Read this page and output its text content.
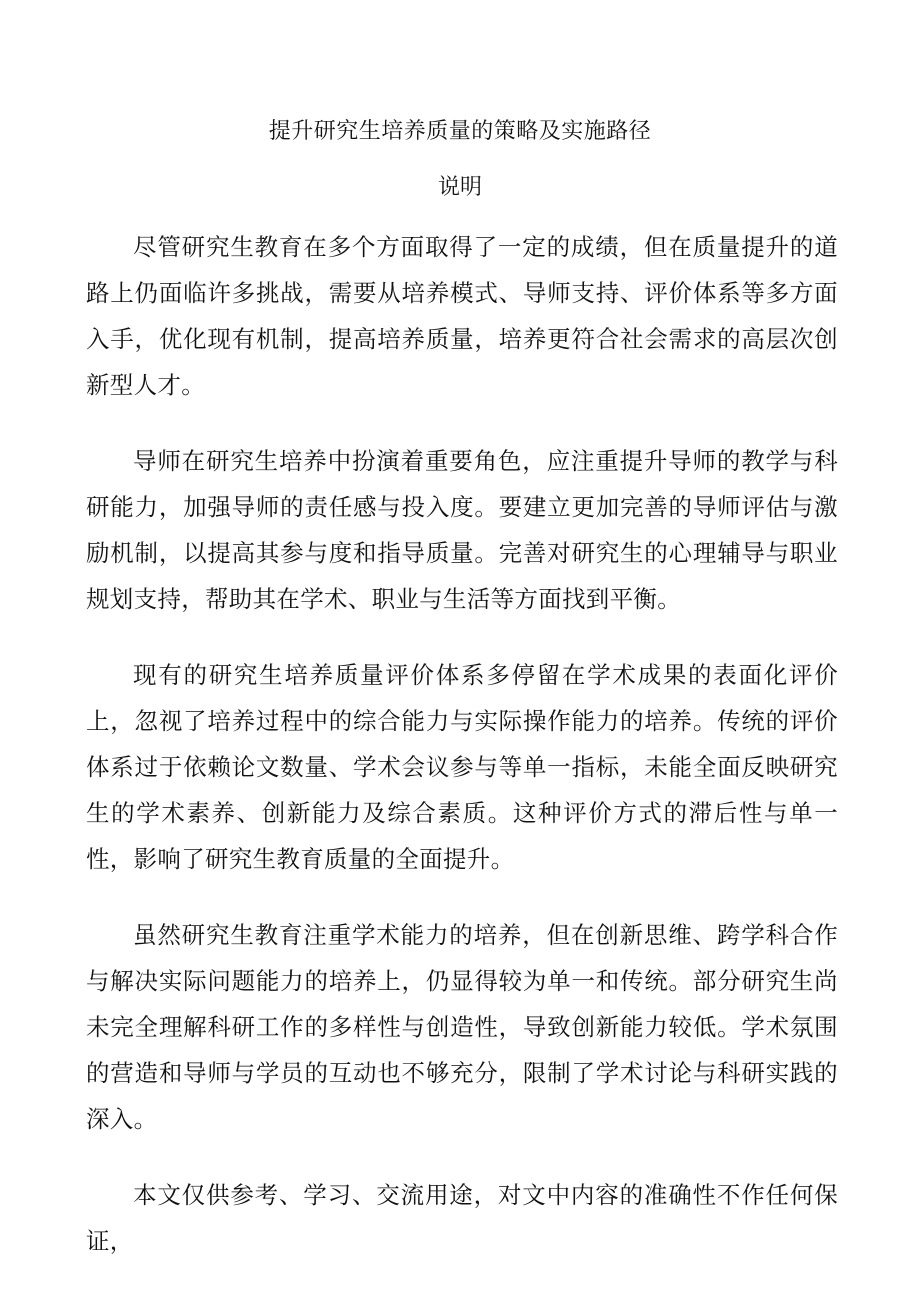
提升研究生培养质量的策略及实施路径
说明

尽管研究生教育在多个方面取得了一定的成绩，但在质量提升的道路上仍面临许多挑战，需要从培养模式、导师支持、评价体系等多方面入手，优化现有机制，提高培养质量，培养更符合社会需求的高层次创新型人才。

导师在研究生培养中扮演着重要角色，应注重提升导师的教学与科研能力，加强导师的责任感与投入度。要建立更加完善的导师评估与激励机制，以提高其参与度和指导质量。完善对研究生的心理辅导与职业规划支持，帮助其在学术、职业与生活等方面找到平衡。

现有的研究生培养质量评价体系多停留在学术成果的表面化评价上，忽视了培养过程中的综合能力与实际操作能力的培养。传统的评价体系过于依赖论文数量、学术会议参与等单一指标，未能全面反映研究生的学术素养、创新能力及综合素质。这种评价方式的滞后性与单一性，影响了研究生教育质量的全面提升。

虽然研究生教育注重学术能力的培养，但在创新思维、跨学科合作与解决实际问题能力的培养上，仍显得较为单一和传统。部分研究生尚未完全理解科研工作的多样性与创造性，导致创新能力较低。学术氛围的营造和导师与学员的互动也不够充分，限制了学术讨论与科研实践的深入。

本文仅供参考、学习、交流用途，对文中内容的准确性不作任何保证，
